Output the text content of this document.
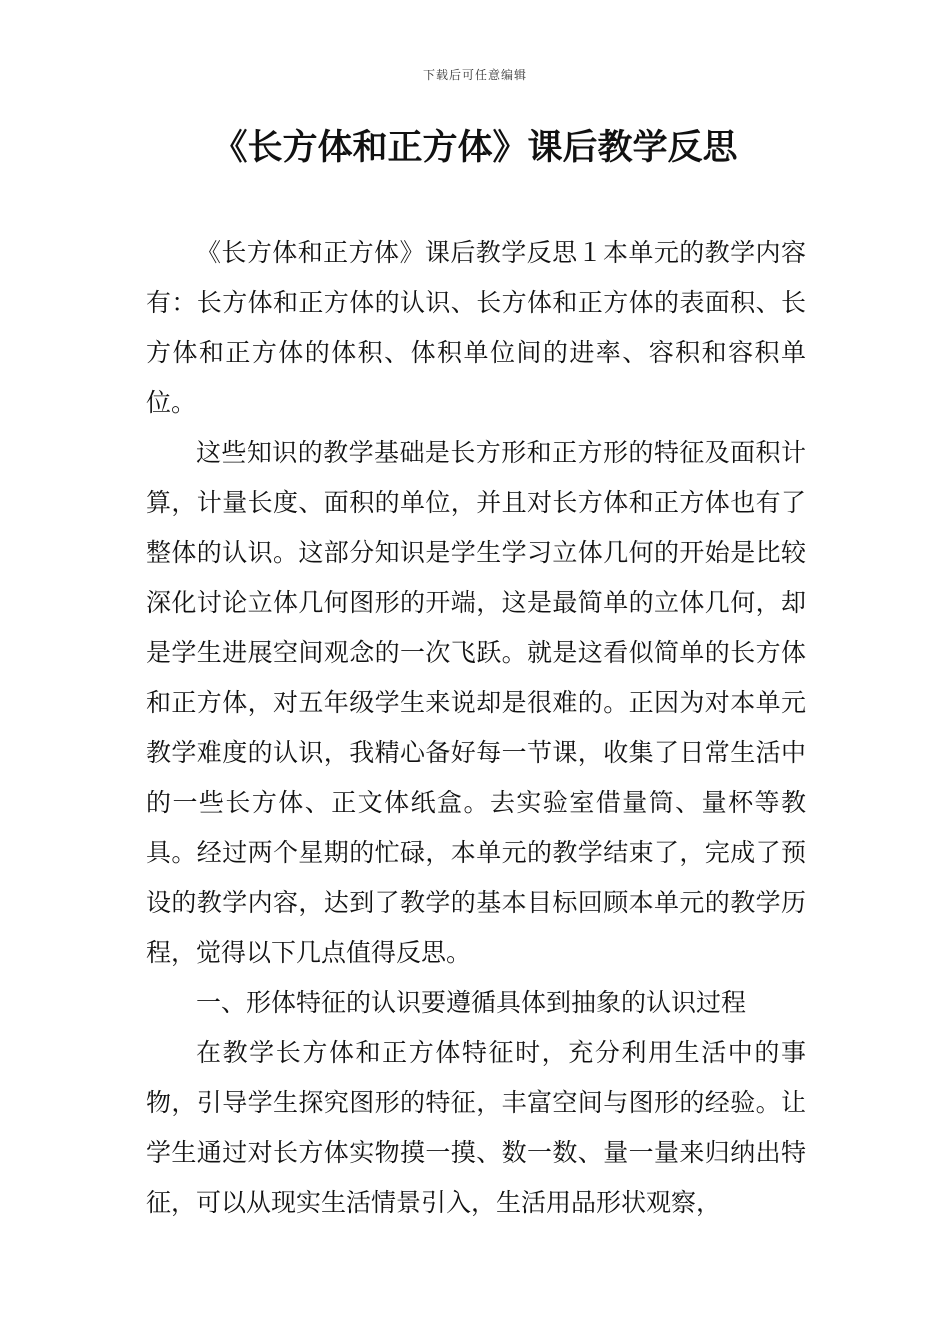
下载后可任意编辑
《长方体和正方体》课后教学反思

《长方体和正方体》课后教学反思１本单元的教学内容有：长方体和正方体的认识、长方体和正方体的表面积、长方体和正方体的体积、体积单位间的进率、容积和容积单位。

这些知识的教学基础是长方形和正方形的特征及面积计算，计量长度、面积的单位，并且对长方体和正方体也有了整体的认识。这部分知识是学生学习立体几何的开始是比较深化讨论立体几何图形的开端，这是最简单的立体几何，却是学生进展空间观念的一次飞跃。就是这看似简单的长方体和正方体，对五年级学生来说却是很难的。正因为对本单元教学难度的认识，我精心备好每一节课，收集了日常生活中的一些长方体、正文体纸盒。去实验室借量筒、量杯等教具。经过两个星期的忙碌，本单元的教学结束了，完成了预设的教学内容，达到了教学的基本目标回顾本单元的教学历程，觉得以下几点值得反思。

一、形体特征的认识要遵循具体到抽象的认识过程

在教学长方体和正方体特征时，充分利用生活中的事物，引导学生探究图形的特征，丰富空间与图形的经验。让学生通过对长方体实物摸一摸、数一数、量一量来归纳出特征，可以从现实生活情景引入，生活用品形状观察，
